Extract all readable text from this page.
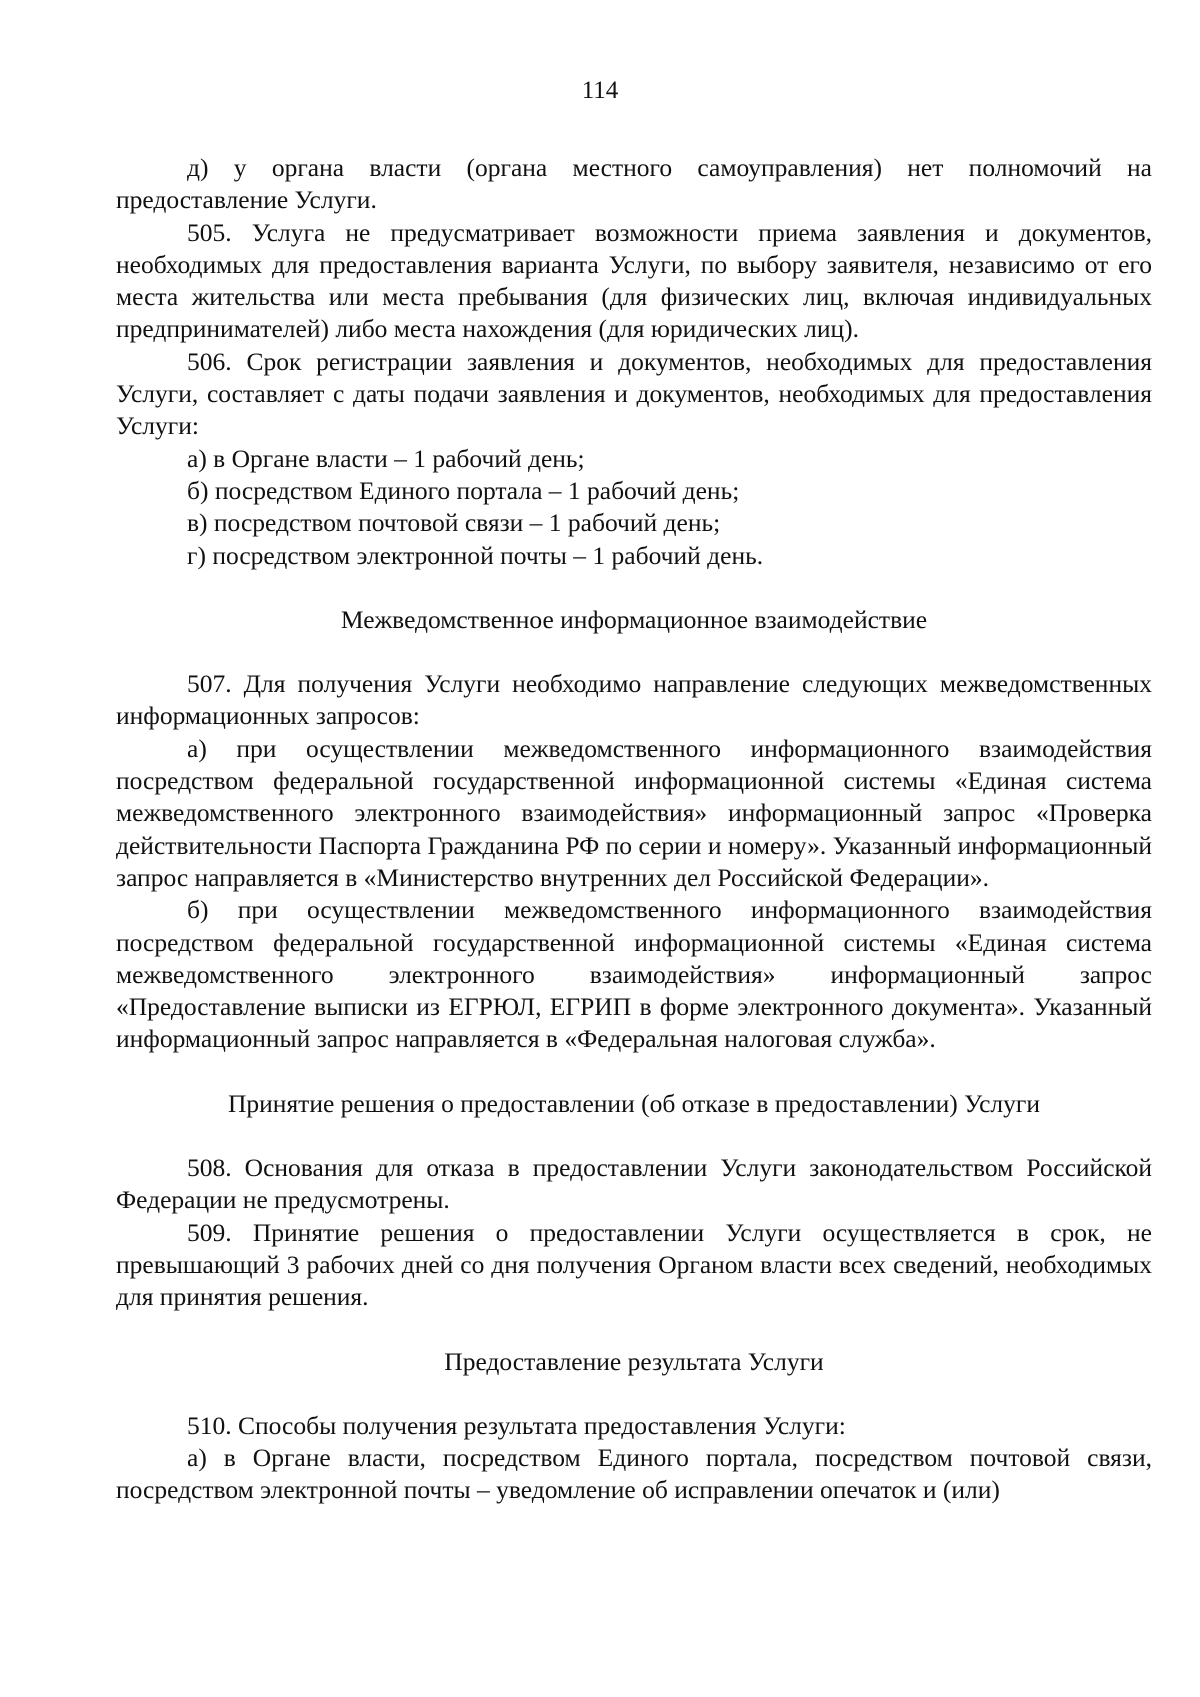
114

д) у органа власти (органа местного самоуправления) нет полномочий на предоставление Услуги.

505. Услуга не предусматривает возможности приема заявления и документов, необходимых для предоставления варианта Услуги, по выбору заявителя, независимо от его места жительства или места пребывания (для физических лиц, включая индивидуальных предпринимателей) либо места нахождения (для юридических лиц).

506. Срок регистрации заявления и документов, необходимых для предоставления Услуги, составляет с даты подачи заявления и документов, необходимых для предоставления Услуги:

а) в Органе власти – 1 рабочий день;

б) посредством Единого портала – 1 рабочий день;

в) посредством почтовой связи – 1 рабочий день;

г) посредством электронной почты – 1 рабочий день.

Межведомственное информационное взаимодействие

507. Для получения Услуги необходимо направление следующих межведомственных информационных запросов:

а) при осуществлении межведомственного информационного взаимодействия посредством федеральной государственной информационной системы «Единая система межведомственного электронного взаимодействия» информационный запрос «Проверка действительности Паспорта Гражданина РФ по серии и номеру». Указанный информационный запрос направляется в «Министерство внутренних дел Российской Федерации».

б) при осуществлении межведомственного информационного взаимодействия посредством федеральной государственной информационной системы «Единая система межведомственного электронного взаимодействия» информационный запрос «Предоставление выписки из ЕГРЮЛ, ЕГРИП в форме электронного документа». Указанный информационный запрос направляется в «Федеральная налоговая служба».

Принятие решения о предоставлении (об отказе в предоставлении) Услуги

508. Основания для отказа в предоставлении Услуги законодательством Российской Федерации не предусмотрены.

509. Принятие решения о предоставлении Услуги осуществляется в срок, не превышающий 3 рабочих дней со дня получения Органом власти всех сведений, необходимых для принятия решения.

Предоставление результата Услуги

510. Способы получения результата предоставления Услуги:

а) в Органе власти, посредством Единого портала, посредством почтовой связи, посредством электронной почты – уведомление об исправлении опечаток и (или)
